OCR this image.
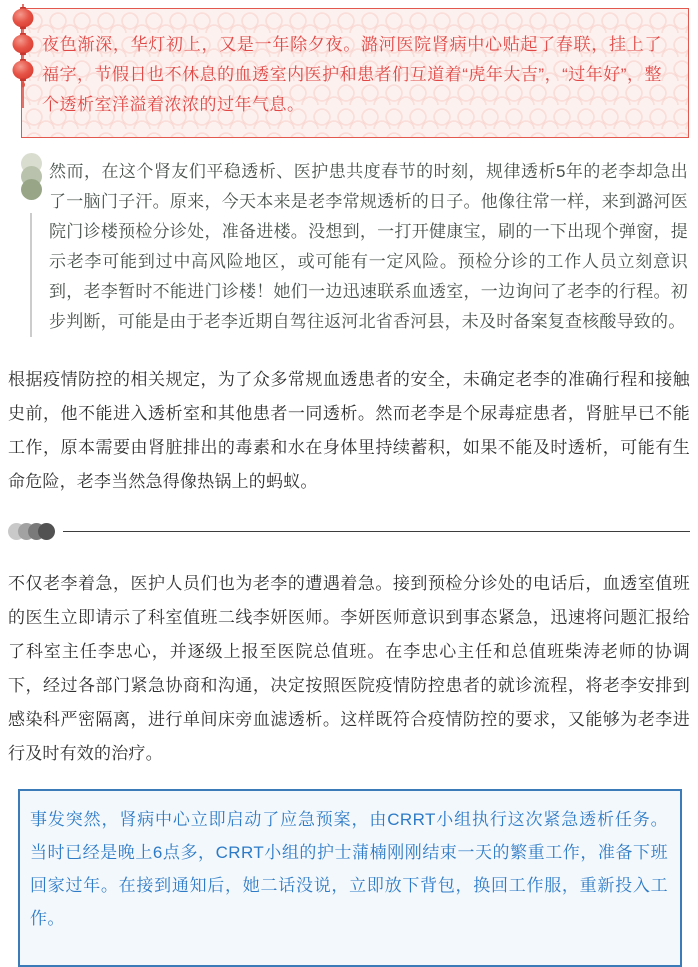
夜色渐深，华灯初上，又是一年除夕夜。潞河医院肾病中心贴起了春联，挂上了福字，节假日也不休息的血透室内医护和患者们互道着“虎年大吉”，“过年好”，整个透析室洋溢着浓浓的过年气息。
然而，在这个肾友们平稳透析、医护患共度春节的时刻，规律透析5年的老李却急出了一脑门子汗。原来，今天本来是老李常规透析的日子。他像往常一样，来到潞河医院门诊楼预检分诊处，准备进楼。没想到，一打开健康宝，刷的一下出现个弹窗，提示老李可能到过中高风险地区，或可能有一定风险。预检分诊的工作人员立刻意识到，老李暂时不能进门诊楼！她们一边迅速联系血透室，一边询问了老李的行程。初步判断，可能是由于老李近期自驾往返河北省香河县，未及时备案复查核酸导致的。

根据疫情防控的相关规定，为了众多常规血透患者的安全，未确定老李的准确行程和接触史前，他不能进入透析室和其他患者一同透析。然而老李是个尿毒症患者，肾脏早已不能工作，原本需要由肾脏排出的毒素和水在身体里持续蓄积，如果不能及时透析，可能有生命危险，老李当然急得像热锅上的蚂蚁。

不仅老李着急，医护人员们也为老李的遭遇着急。接到预检分诊处的电话后，血透室值班的医生立即请示了科室值班二线李妍医师。李妍医师意识到事态紧急，迅速将问题汇报给了科室主任李忠心，并逐级上报至医院总值班。在李忠心主任和总值班柴涛老师的协调下，经过各部门紧急协商和沟通，决定按照医院疫情防控患者的就诊流程，将老李安排到感染科严密隔离，进行单间床旁血滤透析。这样既符合疫情防控的要求，又能够为老李进行及时有效的治疗。

事发突然，肾病中心立即启动了应急预案，由CRRT小组执行这次紧急透析任务。当时已经是晚上6点多，CRRT小组的护士蒲楠刚刚结束一天的繁重工作，准备下班回家过年。在接到通知后，她二话没说，立即放下背包，换回工作服，重新投入工作。
